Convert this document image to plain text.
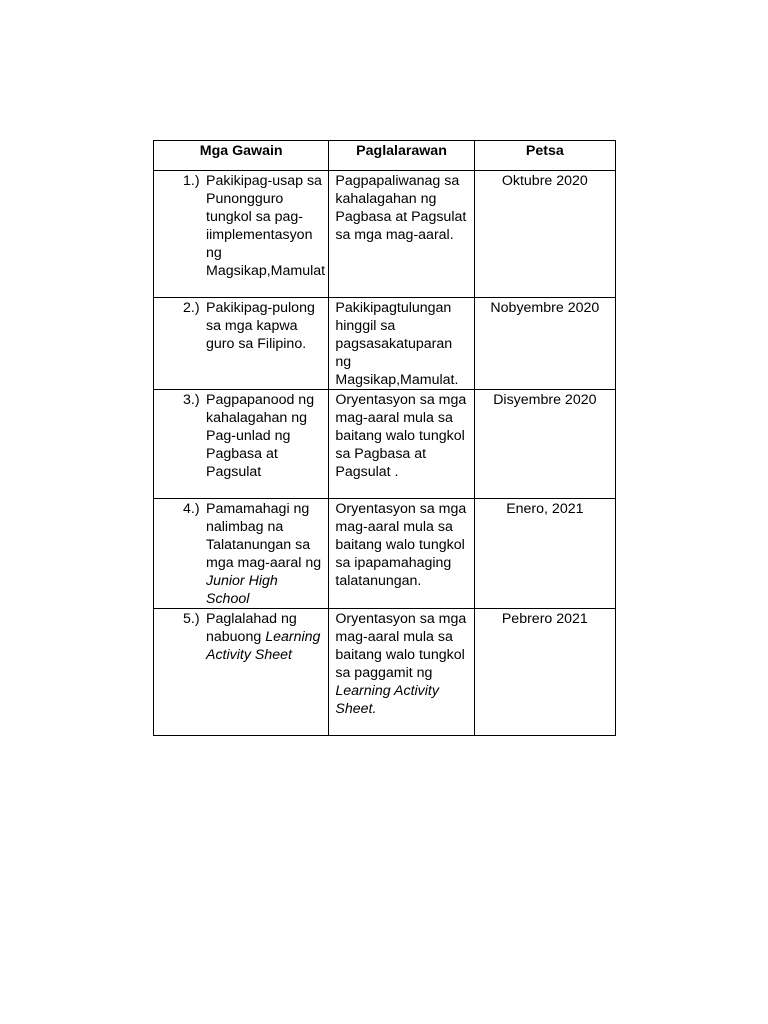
Mga Gawain	Paglalarawan	Petsa

1.) Pakikipag-usap sa Punongguro tungkol sa pag-iimplementasyon ng Magsikap,Mamulat	Pagpapaliwanag sa kahalagahan ng Pagbasa at Pagsulat sa mga mag-aaral.	Oktubre 2020

2.) Pakikipag-pulong sa mga kapwa guro sa Filipino.	Pakikipagtulungan hinggil sa pagsasakatuparan ng Magsikap,Mamulat.	Nobyembre 2020

3.) Pagpapanood ng kahalagahan ng Pag-unlad ng Pagbasa at Pagsulat	Oryentasyon sa mga mag-aaral mula sa baitang walo tungkol sa Pagbasa at Pagsulat .	Disyembre 2020

4.) Pamamahagi ng nalimbag na Talatanungan sa mga mag-aaral ng Junior High School	Oryentasyon sa mga mag-aaral mula sa baitang walo tungkol sa ipapamahaging talatanungan.	Enero, 2021

5.) Paglalahad ng nabuong Learning Activity Sheet	Oryentasyon sa mga mag-aaral mula sa baitang walo tungkol sa paggamit ng Learning Activity Sheet.	Pebrero 2021
